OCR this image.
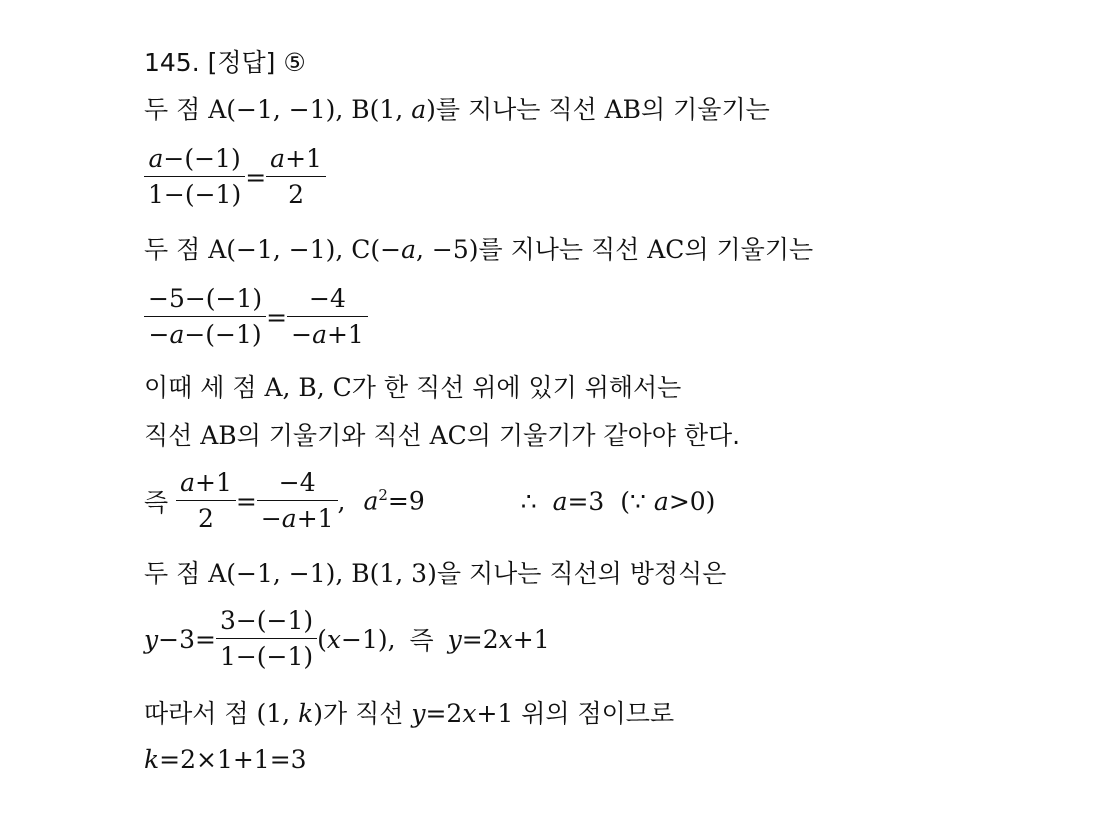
145. [정답] ⑤
두 점 A(−1, −1), B(1, a)를 지나는 직선 AB의 기울기는
$\frac{a-(-1)}{1-(-1)} = \frac{a+1}{2}$
두 점 A(−1, −1), C(−a, −5)를 지나는 직선 AC의 기울기는
$\frac{-5-(-1)}{-a-(-1)} = \frac{-4}{-a+1}$
이때 세 점 A, B, C가 한 직선 위에 있기 위해서는
직선 AB의 기울기와 직선 AC의 기울기가 같아야 한다.
즉 $\frac{a+1}{2} = \frac{-4}{-a+1}$ , $a^2=9$	∴ a=3 (∵ a>0)
두 점 A(−1, −1), B(1, 3)을 지나는 직선의 방정식은
$y-3= \frac{3-(-1)}{1-(-1)} (x-1)$, 즉 y=2x+1
따라서 점 (1, k)가 직선 y=2x+1 위의 점이므로
k=2×1+1=3
